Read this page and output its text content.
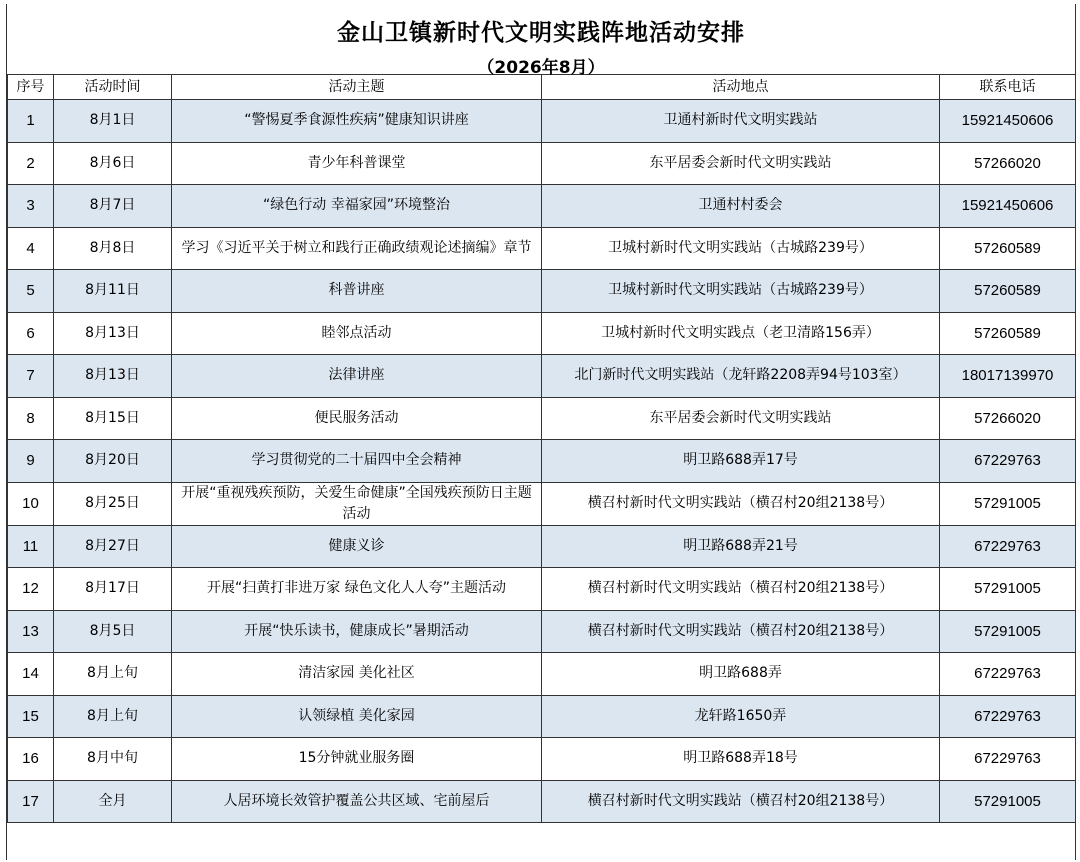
金山卫镇新时代文明实践阵地活动安排
（2026年8月）
序号	活动时间	活动主题	活动地点	联系电话
1	8月1日	“警惕夏季食源性疾病”健康知识讲座	卫通村新时代文明实践站	15921450606
2	8月6日	青少年科普课堂	东平居委会新时代文明实践站	57266020
3	8月7日	“绿色行动 幸福家园”环境整治	卫通村村委会	15921450606
4	8月8日	学习《习近平关于树立和践行正确政绩观论述摘编》章节	卫城村新时代文明实践站（古城路239号）	57260589
5	8月11日	科普讲座	卫城村新时代文明实践站（古城路239号）	57260589
6	8月13日	睦邻点活动	卫城村新时代文明实践点（老卫清路156弄）	57260589
7	8月13日	法律讲座	北门新时代文明实践站（龙轩路2208弄94号103室）	18017139970
8	8月15日	便民服务活动	东平居委会新时代文明实践站	57266020
9	8月20日	学习贯彻党的二十届四中全会精神	明卫路688弄17号	67229763
10	8月25日	开展“重视残疾预防，关爱生命健康”全国残疾预防日主题活动	横召村新时代文明实践站（横召村20组2138号）	57291005
11	8月27日	健康义诊	明卫路688弄21号	67229763
12	8月17日	开展“扫黄打非进万家 绿色文化人人夸”主题活动	横召村新时代文明实践站（横召村20组2138号）	57291005
13	8月5日	开展“快乐读书，健康成长”暑期活动	横召村新时代文明实践站（横召村20组2138号）	57291005
14	8月上旬	清洁家园 美化社区	明卫路688弄	67229763
15	8月上旬	认领绿植 美化家园	龙轩路1650弄	67229763
16	8月中旬	15分钟就业服务圈	明卫路688弄18号	67229763
17	全月	人居环境长效管护覆盖公共区域、宅前屋后	横召村新时代文明实践站（横召村20组2138号）	57291005
